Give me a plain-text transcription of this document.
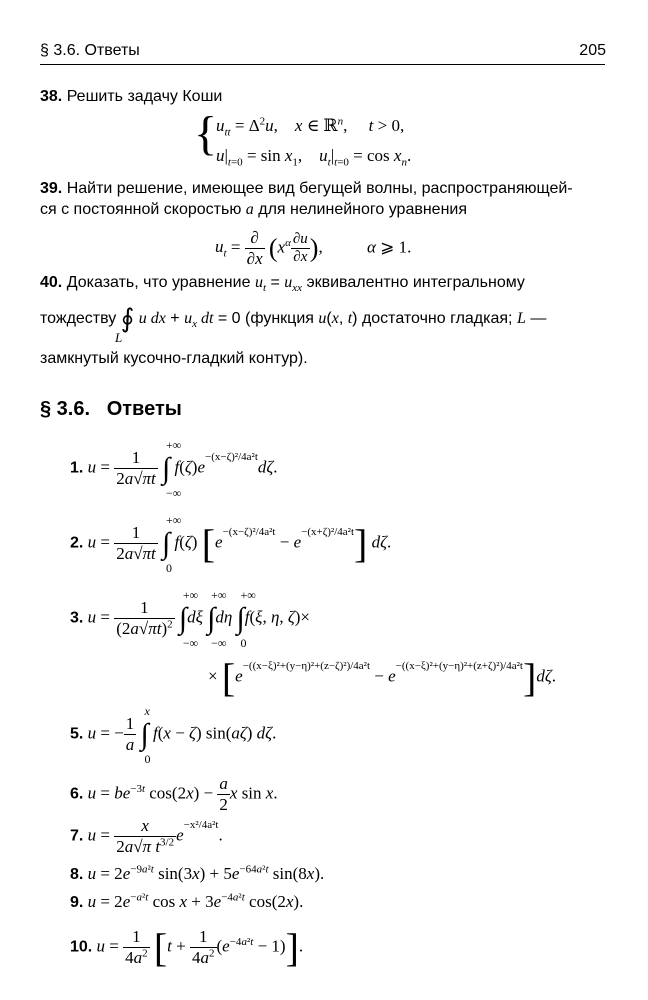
§ 3.6. Ответы	205
38. Решить задачу Коши
{
$u_{tt} = \Delta^2u$,    x ∈ ℝ$^n$,     t > 0,
$u|_{t=0} = \sin x_1$,    $u_t|_{t=0} = \cos x_n$.
39. Найти решение, имеющее вид бегущей волны, распространяющей-
ся с постоянной скоростью a для нелинейного уравнения
$u_t = \frac{\partial}{\partial x} (x^\alpha \frac{\partial u}{\partial x}$ ), α ⩾ 1.
40. Доказать, что уравнение $u_t = u_{xx}$ эквивалентно интегральному
тождеству ∮ u dx + $u_x$ dt = 0 (функция u(x, t) достаточно гладкая; L —
L
замкнутый кусочно-гладкий контур).
§ 3.6.   Ответы
1. $u = \frac{1}{2a√\pi t}$ ∫
+∞
−∞
$f(\zeta)e^{-(x-\zeta)^2/4a^2t}d\zeta$.
2. $u = \frac{1}{2a√\pi t}$ ∫
+∞
0
f(ζ) $[e^{-(x-\zeta)^2/4a^2t} - e^{-(x+\zeta)^2/4a^2t}]$ dζ.
3. $u = \frac{1}{(2a√\pi t)^2}$ ∫
+∞
−∞
dξ ∫
+∞
−∞
dη ∫
+∞
0
f(ξ, η, ζ)×
× $[e^{-((x-\xi)^2+(y-\eta)^2+(z-\zeta)^2)/4a^2t} - e^{-((x-\xi)^2+(y-\eta)^2+(z+\zeta)^2)/4a^2t}]d\zeta$.
5. u = − $\frac{1}{a}$ ∫
x
0
f(x − ζ) sin(aζ) dζ.
6. $u = be^{-3t}$ $\cos(2x) - \frac{a}{2}$ x sin x.
7. $u = \frac{x}{2a√\pi t^{3/2}} e^{-x^2/4a^2t}$.
8. $u = 2e^{-9a^2t}$ $\sin(3x) + 5e^{-64a^2t}$ sin(8x).
9. $u = 2e^{-a^2t}$ $\cos x + 3e^{-4a^2t}$ cos(2x).
10. $u = \frac{1}{4a^2} [t + \frac{1}{4a^2} (e^{-4a^2t} - 1)]$.
